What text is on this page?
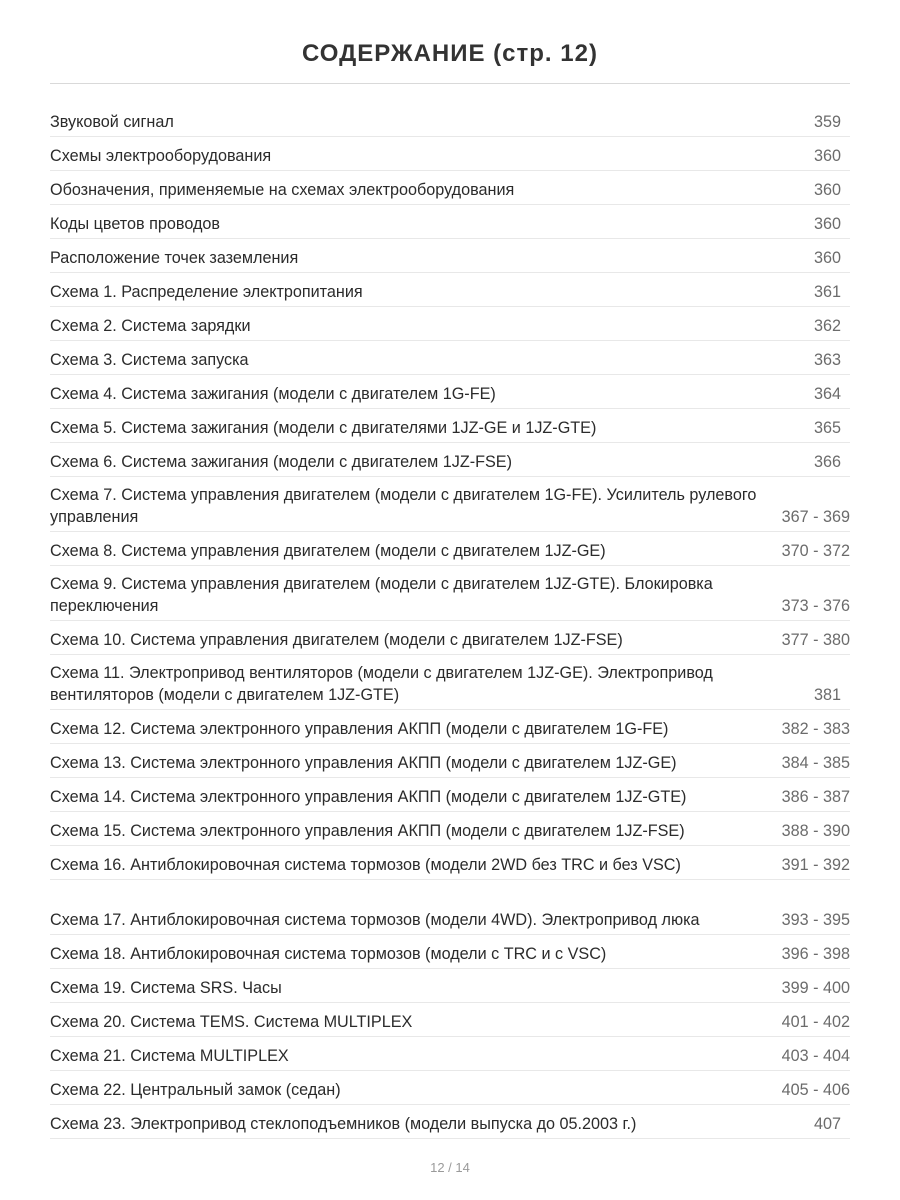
СОДЕРЖАНИЕ (стр. 12)
Звуковой сигнал	359
Схемы электрооборудования	360
Обозначения, применяемые на схемах электрооборудования	360
Коды цветов проводов	360
Расположение точек заземления	360
Схема 1. Распределение электропитания	361
Схема 2. Система зарядки	362
Схема 3. Система запуска	363
Схема 4. Система зажигания (модели с двигателем 1G-FE)	364
Схема 5. Система зажигания (модели с двигателями 1JZ-GE и 1JZ-GTE)	365
Схема 6. Система зажигания (модели с двигателем 1JZ-FSE)	366
Схема 7. Система управления двигателем (модели с двигателем 1G-FE). Усилитель рулевого управления	367 - 369
Схема 8. Система управления двигателем (модели с двигателем 1JZ-GE)	370 - 372
Схема 9. Система управления двигателем (модели с двигателем 1JZ-GTE). Блокировка переключения	373 - 376
Схема 10. Система управления двигателем (модели с двигателем 1JZ-FSE)	377 - 380
Схема 11. Электропривод вентиляторов (модели с двигателем 1JZ-GE). Электропривод вентиляторов (модели с двигателем 1JZ-GTE)	381
Схема 12. Система электронного управления АКПП (модели с двигателем 1G-FE)	382 - 383
Схема 13. Система электронного управления АКПП (модели с двигателем 1JZ-GE)	384 - 385
Схема 14. Система электронного управления АКПП (модели с двигателем 1JZ-GTE)	386 - 387
Схема 15. Система электронного управления АКПП (модели с двигателем 1JZ-FSE)	388 - 390
Схема 16. Антиблокировочная система тормозов (модели 2WD без TRC и без VSC)	391 - 392
Схема 17. Антиблокировочная система тормозов (модели 4WD). Электропривод люка	393 - 395
Схема 18. Антиблокировочная система тормозов (модели с TRC и с VSC)	396 - 398
Схема 19. Система SRS. Часы	399 - 400
Схема 20. Система TEMS. Система MULTIPLEX	401 - 402
Схема 21. Система MULTIPLEX	403 - 404
Схема 22. Центральный замок (седан)	405 - 406
Схема 23. Электропривод стеклоподъемников (модели выпуска до 05.2003 г.)	407
12 / 14
